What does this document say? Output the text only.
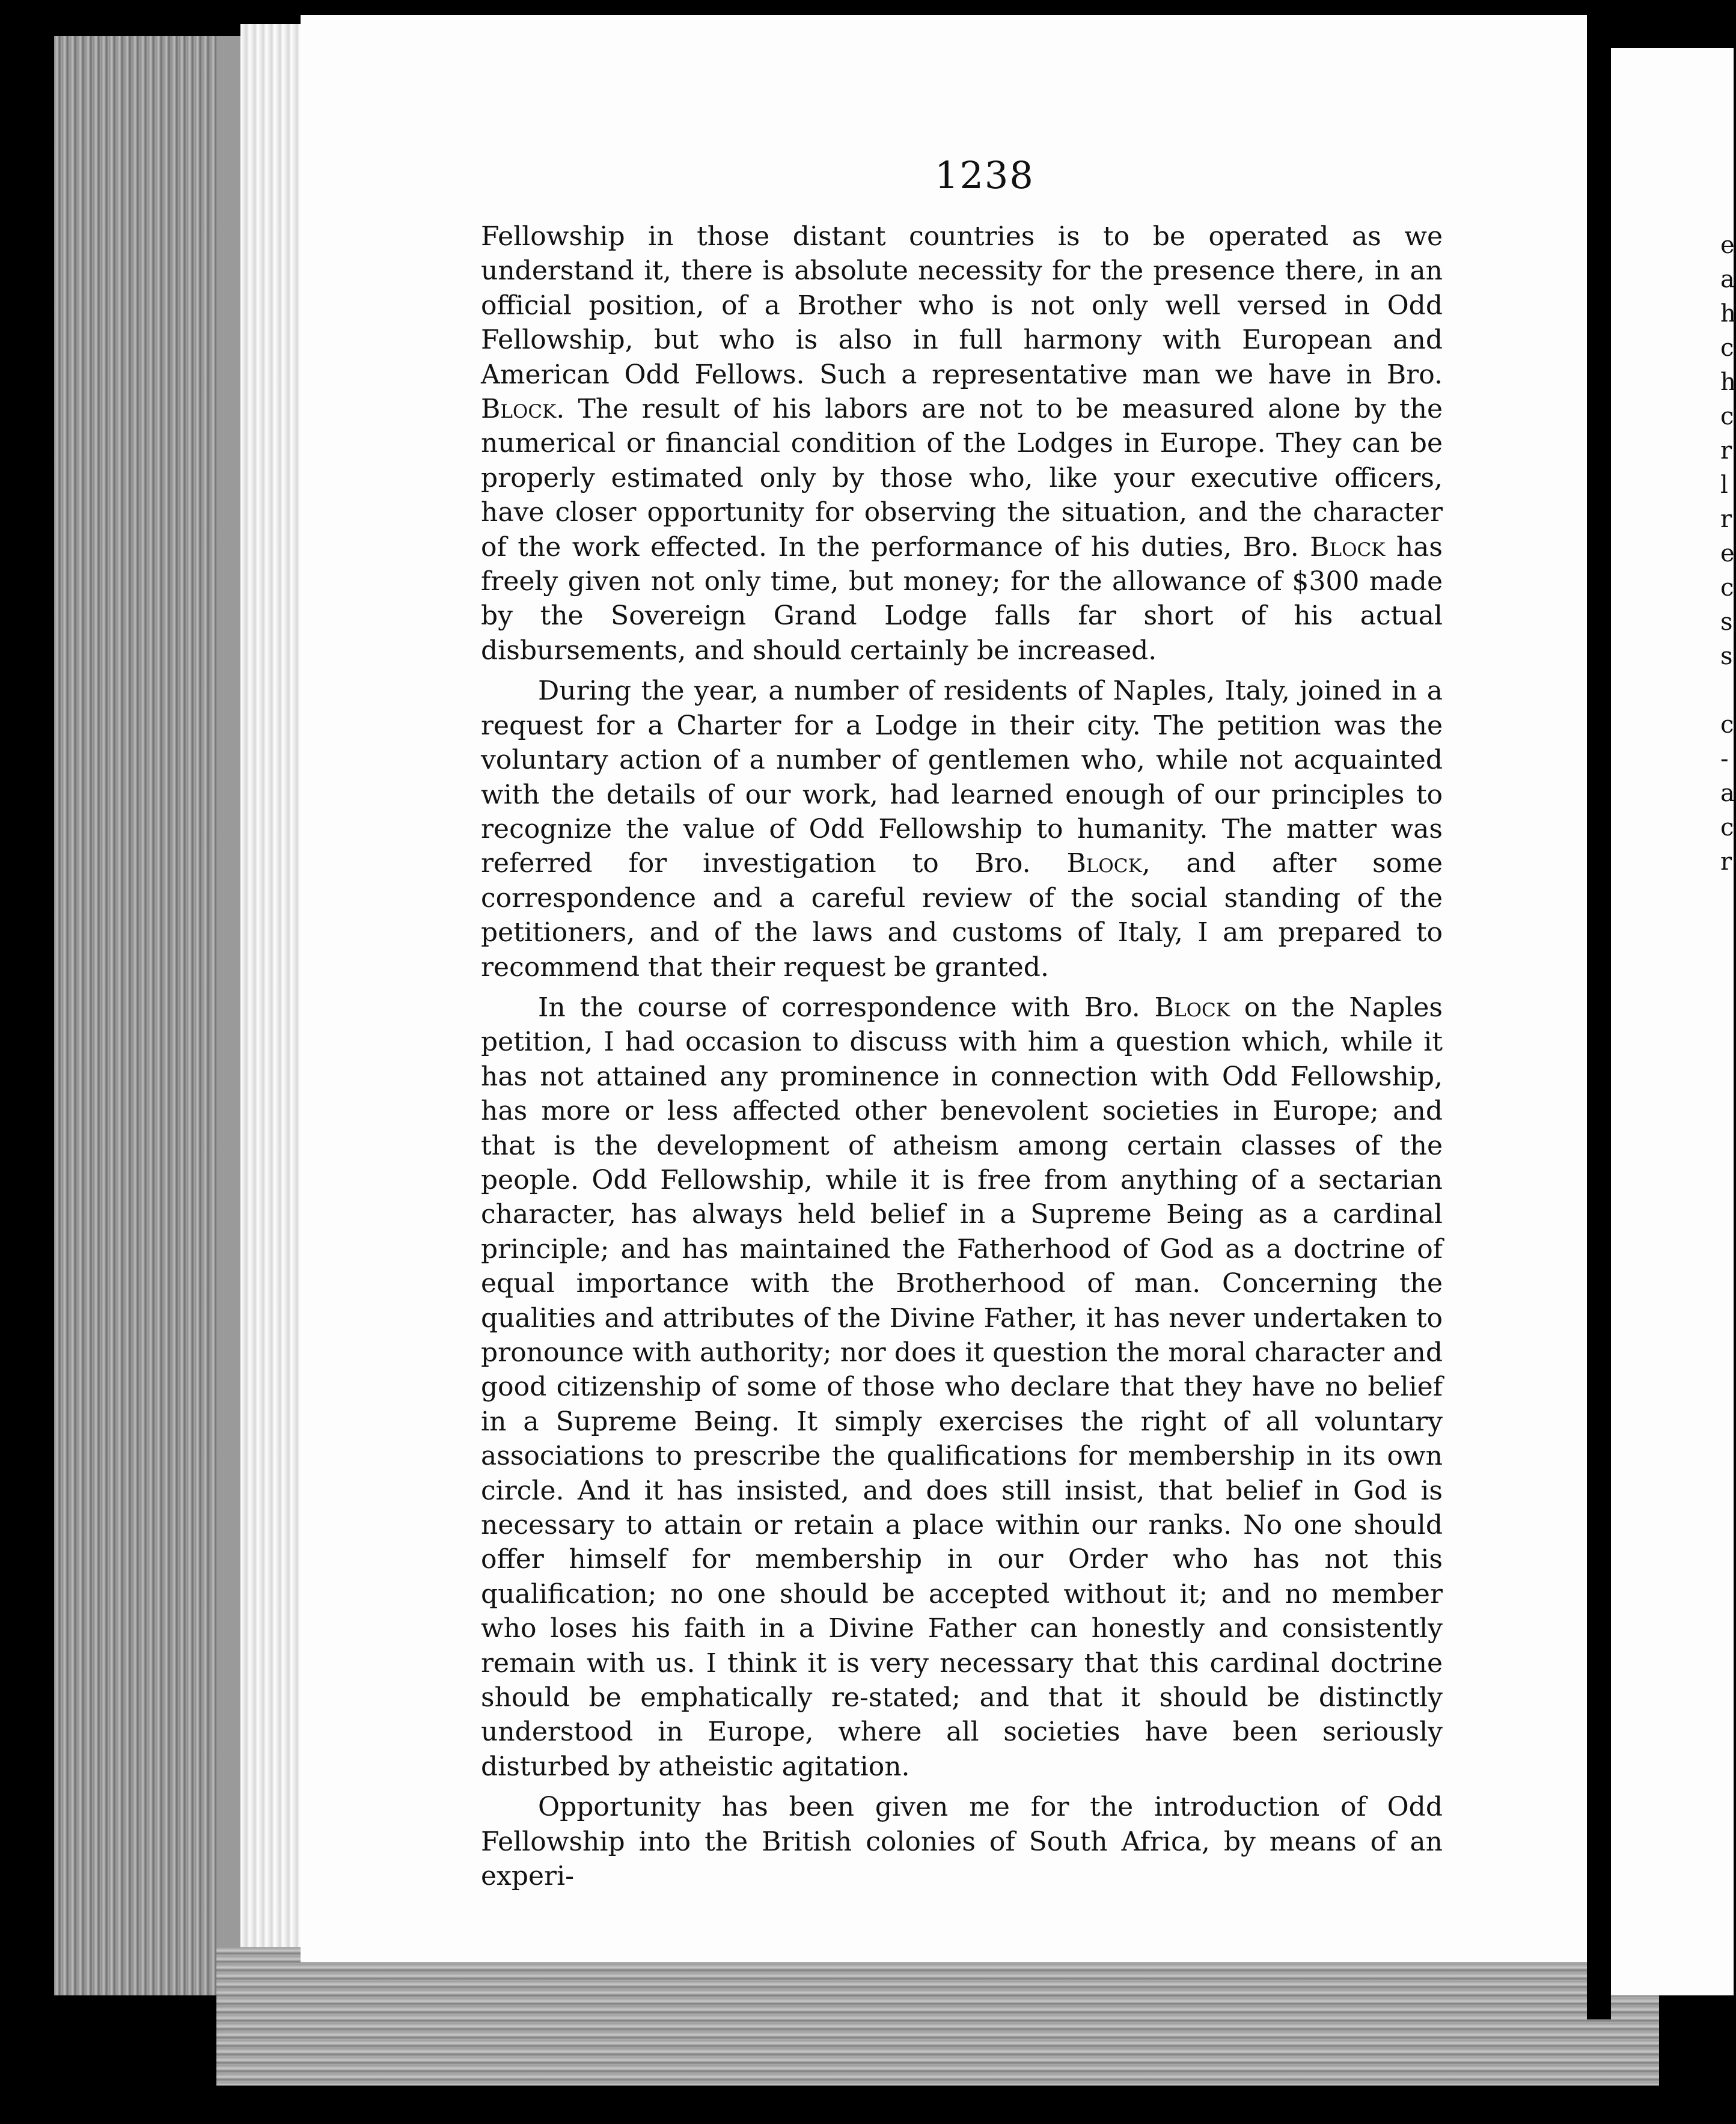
1238

Fellowship in those distant countries is to be operated as we understand it, there is absolute necessity for the presence there, in an official position, of a Brother who is not only well versed in Odd Fellowship, but who is also in full harmony with European and American Odd Fellows. Such a representative man we have in Bro. Block. The result of his labors are not to be measured alone by the numerical or financial condition of the Lodges in Europe. They can be properly estimated only by those who, like your executive officers, have closer opportunity for observing the situation, and the character of the work effected. In the performance of his duties, Bro. Block has freely given not only time, but money; for the allowance of $300 made by the Sovereign Grand Lodge falls far short of his actual disbursements, and should certainly be increased.

During the year, a number of residents of Naples, Italy, joined in a request for a Charter for a Lodge in their city. The petition was the voluntary action of a number of gentlemen who, while not acquainted with the details of our work, had learned enough of our principles to recognize the value of Odd Fellowship to humanity. The matter was referred for investigation to Bro. Block, and after some correspondence and a careful review of the social standing of the petitioners, and of the laws and customs of Italy, I am prepared to recommend that their request be granted.

In the course of correspondence with Bro. Block on the Naples petition, I had occasion to discuss with him a question which, while it has not attained any prominence in connection with Odd Fellowship, has more or less affected other benevolent societies in Europe; and that is the development of atheism among certain classes of the people. Odd Fellowship, while it is free from anything of a sectarian character, has always held belief in a Supreme Being as a cardinal principle; and has maintained the Fatherhood of God as a doctrine of equal importance with the Brotherhood of man. Concerning the qualities and attributes of the Divine Father, it has never undertaken to pronounce with authority; nor does it question the moral character and good citizenship of some of those who declare that they have no belief in a Supreme Being. It simply exercises the right of all voluntary associations to prescribe the qualifications for membership in its own circle. And it has insisted, and does still insist, that belief in God is necessary to attain or retain a place within our ranks. No one should offer himself for membership in our Order who has not this qualification; no one should be accepted without it; and no member who loses his faith in a Divine Father can honestly and consistently remain with us. I think it is very necessary that this cardinal doctrine should be emphatically re-stated; and that it should be distinctly understood in Europe, where all societies have been seriously disturbed by atheistic agitation.

Opportunity has been given me for the introduction of Odd Fellowship into the British colonies of South Africa, by means of an experi-

e
a
h
c
h
c
r
l
r
e
c
s
s
c
-
a
c
r
